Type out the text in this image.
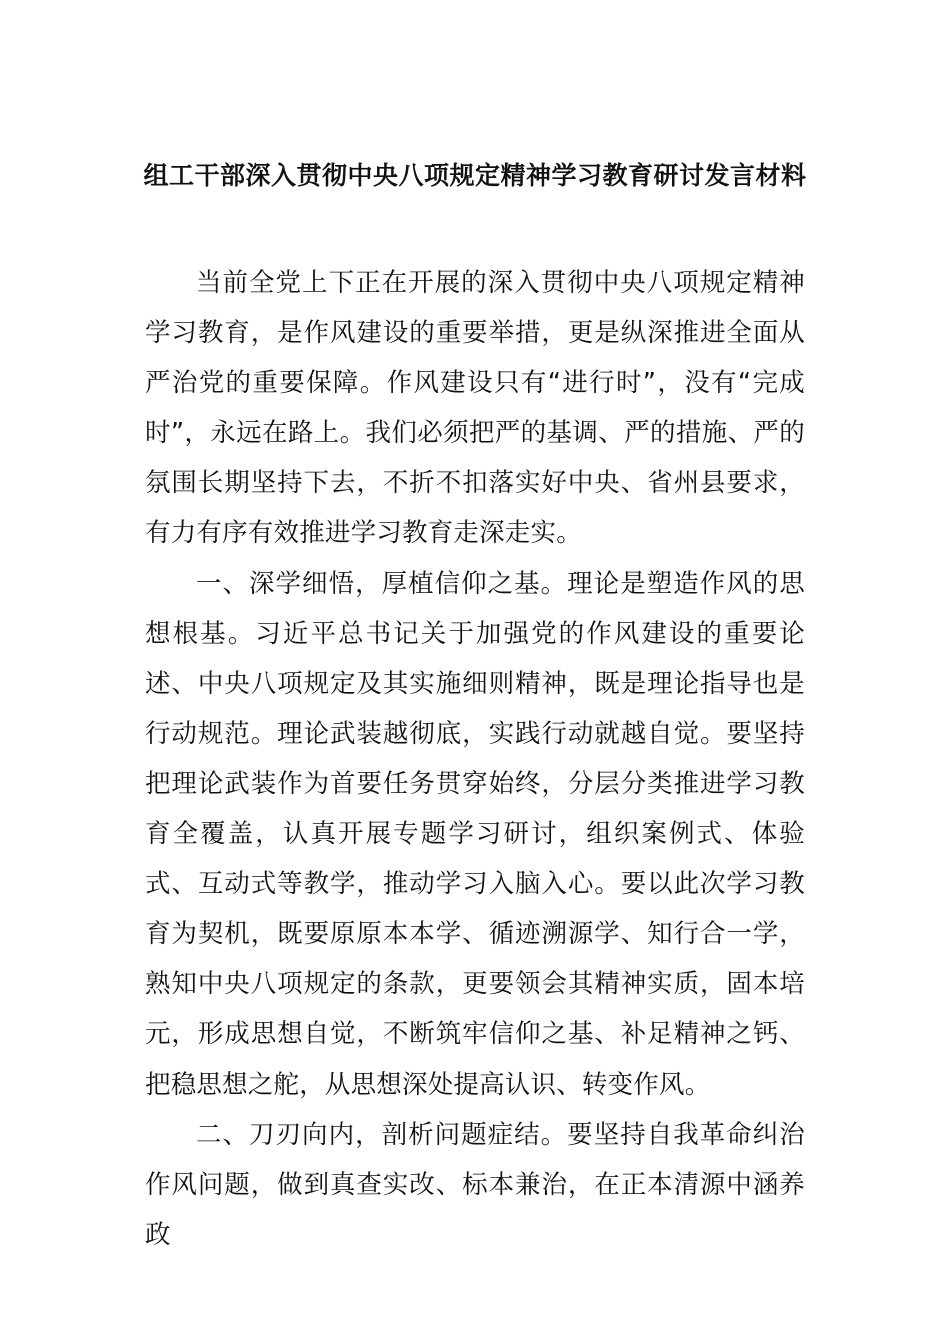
组工干部深入贯彻中央八项规定精神学习教育研讨发言材料

当前全党上下正在开展的深入贯彻中央八项规定精神学习教育，是作风建设的重要举措，更是纵深推进全面从严治党的重要保障。作风建设只有“进行时”，没有“完成时”，永远在路上。我们必须把严的基调、严的措施、严的氛围长期坚持下去，不折不扣落实好中央、省州县要求，有力有序有效推进学习教育走深走实。

一、深学细悟，厚植信仰之基。理论是塑造作风的思想根基。习近平总书记关于加强党的作风建设的重要论述、中央八项规定及其实施细则精神，既是理论指导也是行动规范。理论武装越彻底，实践行动就越自觉。要坚持把理论武装作为首要任务贯穿始终，分层分类推进学习教育全覆盖，认真开展专题学习研讨，组织案例式、体验式、互动式等教学，推动学习入脑入心。要以此次学习教育为契机，既要原原本本学、循迹溯源学、知行合一学，熟知中央八项规定的条款，更要领会其精神实质，固本培元，形成思想自觉，不断筑牢信仰之基、补足精神之钙、把稳思想之舵，从思想深处提高认识、转变作风。

二、刀刃向内，剖析问题症结。要坚持自我革命纠治作风问题，做到真查实改、标本兼治，在正本清源中涵养政
